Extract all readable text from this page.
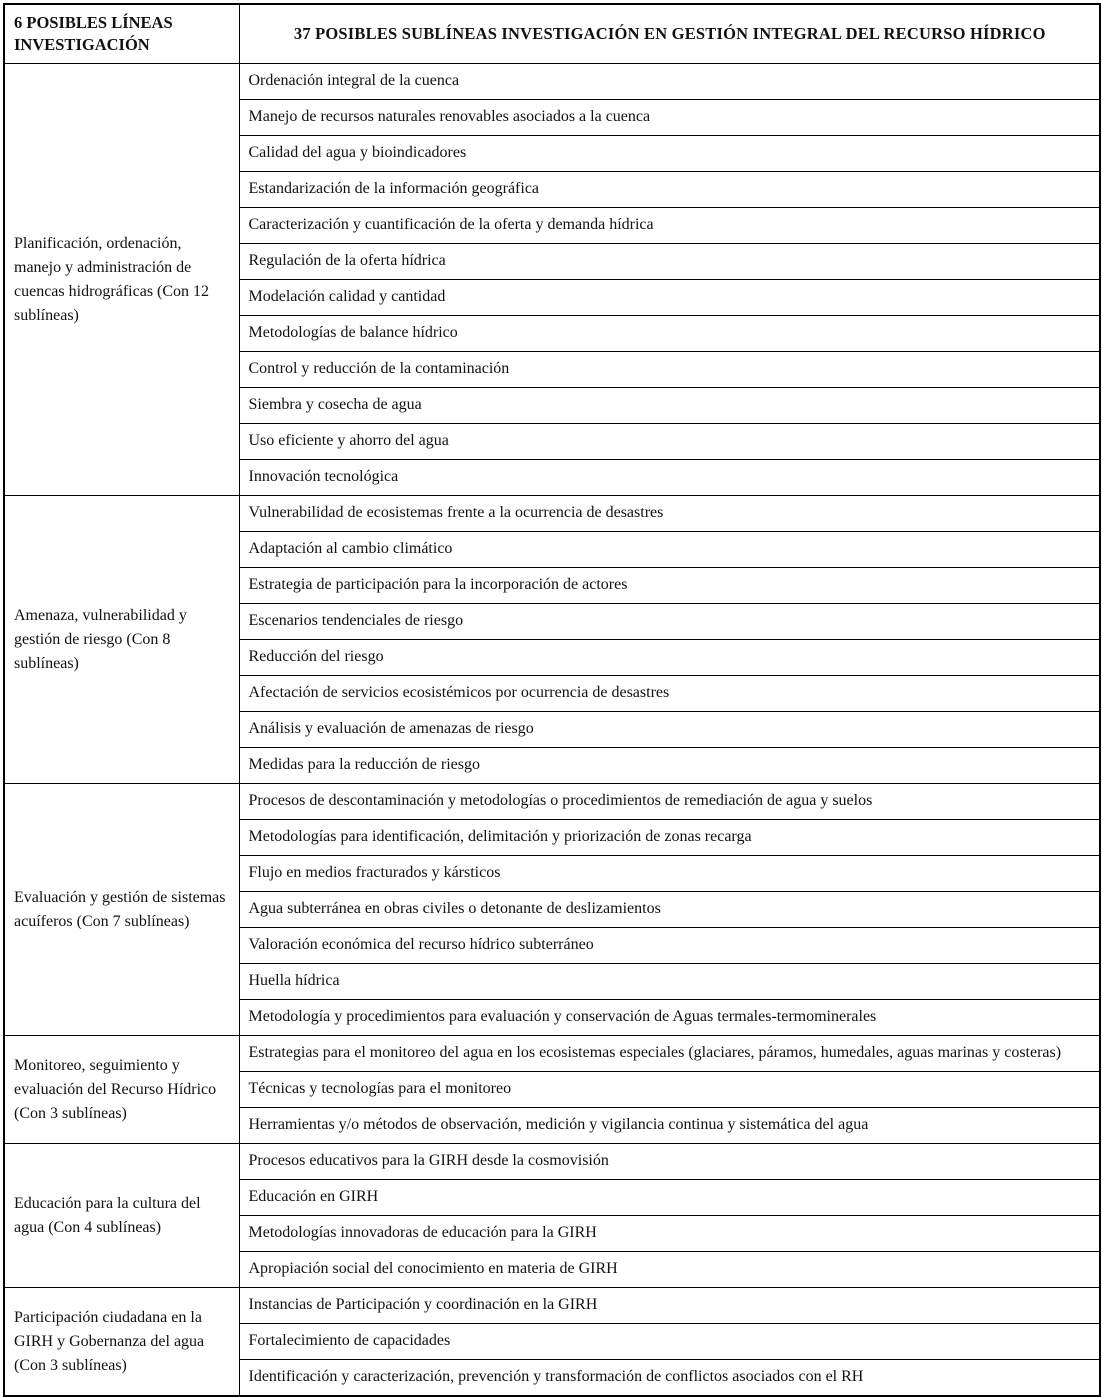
6 POSIBLES LÍNEAS INVESTIGACIÓN	37 POSIBLES SUBLÍNEAS INVESTIGACIÓN EN GESTIÓN INTEGRAL DEL RECURSO HÍDRICO
Planificación, ordenación, manejo y administración de cuencas hidrográficas (Con 12 sublíneas)	Ordenación integral de la cuenca
	Manejo de recursos naturales renovables asociados a la cuenca
	Calidad del agua y bioindicadores
	Estandarización de la información geográfica
	Caracterización y cuantificación de la oferta y demanda hídrica
	Regulación de la oferta hídrica
	Modelación calidad y cantidad
	Metodologías de balance hídrico
	Control y reducción de la contaminación
	Siembra y cosecha de agua
	Uso eficiente y ahorro del agua
	Innovación tecnológica
Amenaza, vulnerabilidad y gestión de riesgo (Con 8 sublíneas)	Vulnerabilidad de ecosistemas frente a la ocurrencia de desastres
	Adaptación al cambio climático
	Estrategia de participación para la incorporación de actores
	Escenarios tendenciales de riesgo
	Reducción del riesgo
	Afectación de servicios ecosistémicos por ocurrencia de desastres
	Análisis y evaluación de amenazas de riesgo
	Medidas para la reducción de riesgo
Evaluación y gestión de sistemas acuíferos (Con 7 sublíneas)	Procesos de descontaminación y metodologías o procedimientos de remediación de agua y suelos
	Metodologías para identificación, delimitación y priorización de zonas recarga
	Flujo en medios fracturados y kársticos
	Agua subterránea en obras civiles o detonante de deslizamientos
	Valoración económica del recurso hídrico subterráneo
	Huella hídrica
	Metodología y procedimientos para evaluación y conservación de Aguas termales-termominerales
Monitoreo, seguimiento y evaluación del Recurso Hídrico (Con 3 sublíneas)	Estrategias para el monitoreo del agua en los ecosistemas especiales (glaciares, páramos, humedales, aguas marinas y costeras)
	Técnicas y tecnologías para el monitoreo
	Herramientas y/o métodos de observación, medición y vigilancia continua y sistemática del agua
Educación para la cultura del agua (Con 4 sublíneas)	Procesos educativos para la GIRH desde la cosmovisión
	Educación en GIRH
	Metodologías innovadoras de educación para la GIRH
	Apropiación social del conocimiento en materia de GIRH
Participación ciudadana en la GIRH y Gobernanza del agua (Con 3 sublíneas)	Instancias de Participación y coordinación en la GIRH
	Fortalecimiento de capacidades
	Identificación y caracterización, prevención y transformación de conflictos asociados con el RH
